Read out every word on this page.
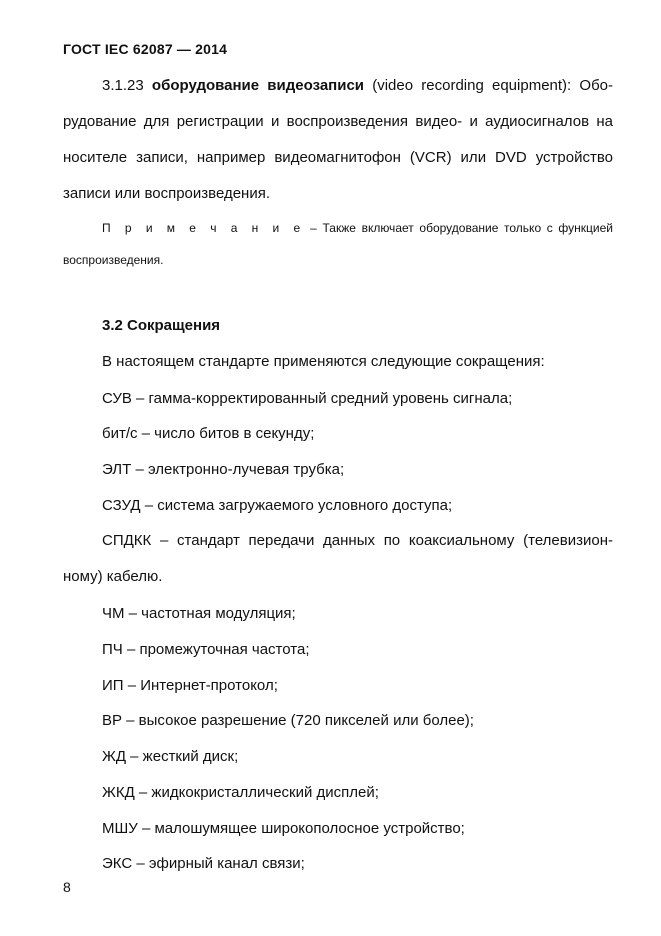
ГОСТ IEC 62087 — 2014
3.1.23 оборудование видеозаписи (video recording equipment): Оборудование для регистрации и воспроизведения видео- и аудиосигналов на носителе записи, например видеомагнитофон (VCR) или DVD устройство записи или воспроизведения.
П р и м е ч а н и е – Также включает оборудование только с функцией воспроизведения.
3.2 Сокращения
В настоящем стандарте применяются следующие сокращения:
СУВ – гамма-корректированный средний уровень сигнала;
бит/с – число битов в секунду;
ЭЛТ – электронно-лучевая трубка;
СЗУД – система загружаемого условного доступа;
СПДКК – стандарт передачи данных по коаксиальному (телевизионному) кабелю.
ЧМ – частотная модуляция;
ПЧ – промежуточная частота;
ИП – Интернет-протокол;
ВР – высокое разрешение (720 пикселей или более);
ЖД – жесткий диск;
ЖКД – жидкокристаллический дисплей;
МШУ – малошумящее широкополосное устройство;
ЭКС – эфирный канал связи;
8
